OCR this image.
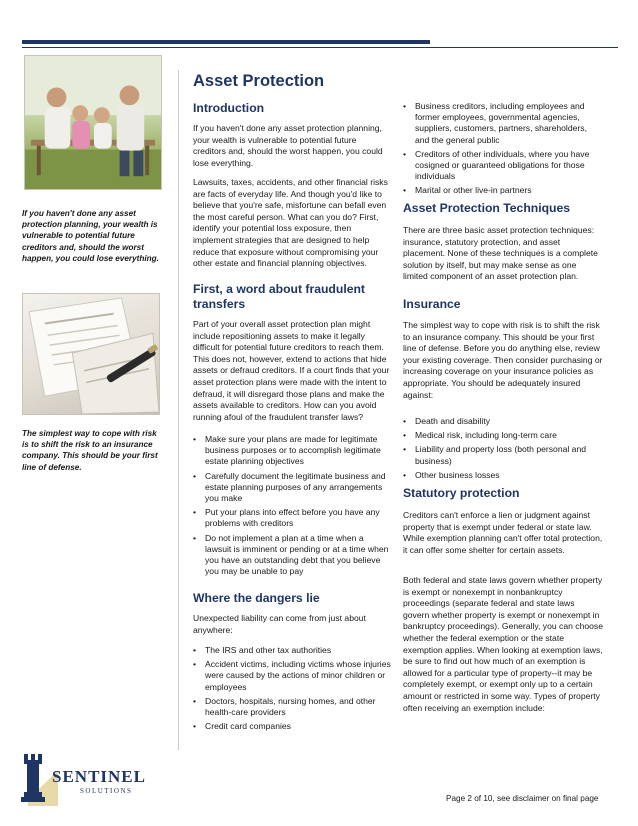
If you haven't done any asset protection planning, your wealth is vulnerable to potential future creditors and, should the worst happen, you could lose everything.
The simplest way to cope with risk is to shift the risk to an insurance company. This should be your first line of defense.
Asset Protection
Introduction

If you haven't done any asset protection planning, your wealth is vulnerable to potential future creditors and, should the worst happen, you could lose everything.

Lawsuits, taxes, accidents, and other financial risks are facts of everyday life. And though you'd like to believe that you're safe, misfortune can befall even the most careful person. What can you do? First, identify your potential loss exposure, then implement strategies that are designed to help reduce that exposure without compromising your other estate and financial planning objectives.

First, a word about fraudulent transfers

Part of your overall asset protection plan might include repositioning assets to make it legally difficult for potential future creditors to reach them. This does not, however, extend to actions that hide assets or defraud creditors. If a court finds that your asset protection plans were made with the intent to defraud, it will disregard those plans and make the assets available to creditors. How can you avoid running afoul of the fraudulent transfer laws?

• Make sure your plans are made for legitimate business purposes or to accomplish legitimate estate planning objectives
• Carefully document the legitimate business and estate planning purposes of any arrangements you make
• Put your plans into effect before you have any problems with creditors
• Do not implement a plan at a time when a lawsuit is imminent or pending or at a time when you have an outstanding debt that you believe you may be unable to pay
Where the dangers lie

Unexpected liability can come from just about anywhere:

• The IRS and other tax authorities
• Accident victims, including victims whose injuries were caused by the actions of minor children or employees
• Doctors, hospitals, nursing homes, and other health-care providers
• Credit card companies
• Business creditors, including employees and former employees, governmental agencies, suppliers, customers, partners, shareholders, and the general public
• Creditors of other individuals, where you have cosigned or guaranteed obligations for those individuals
• Marital or other live-in partners
Asset Protection Techniques

There are three basic asset protection techniques: insurance, statutory protection, and asset placement. None of these techniques is a complete solution by itself, but may make sense as one limited component of an asset protection plan.

Insurance

The simplest way to cope with risk is to shift the risk to an insurance company. This should be your first line of defense. Before you do anything else, review your existing coverage. Then consider purchasing or increasing coverage on your insurance policies as appropriate. You should be adequately insured against:

• Death and disability
• Medical risk, including long-term care
• Liability and property loss (both personal and business)
• Other business losses
Statutory protection

Creditors can't enforce a lien or judgment against property that is exempt under federal or state law. While exemption planning can't offer total protection, it can offer some shelter for certain assets.

Both federal and state laws govern whether property is exempt or nonexempt in nonbankruptcy proceedings (separate federal and state laws govern whether property is exempt or nonexempt in bankruptcy proceedings). Generally, you can choose whether the federal exemption or the state exemption applies. When looking at exemption laws, be sure to find out how much of an exemption is allowed for a particular type of property--it may be completely exempt, or exempt only up to a certain amount or restricted in some way. Types of property often receiving an exemption include:

SENTINEL
SOLUTIONS
Page 2 of 10, see disclaimer on final page
